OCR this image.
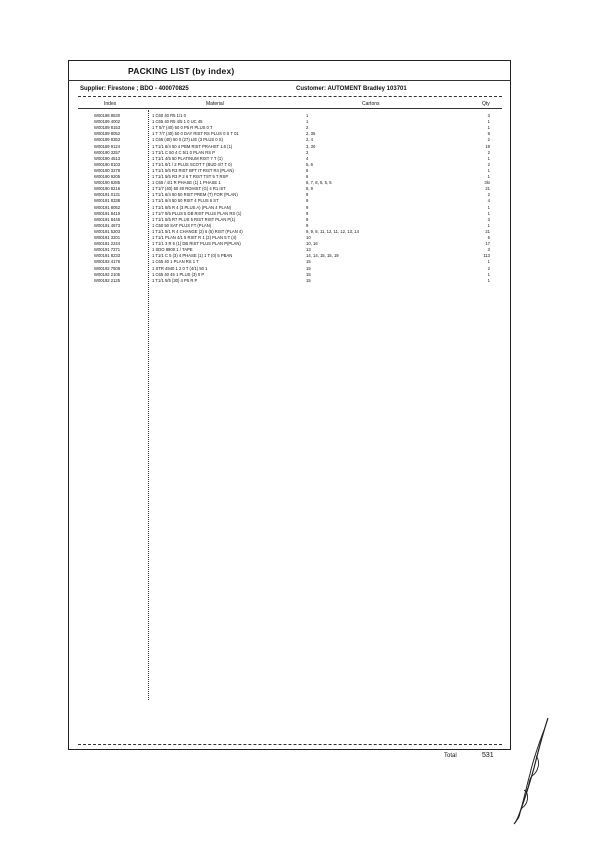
PACKING LIST (by index)
Supplier: Firestone ; BDO - 400070825	Customer: AUTOMENT Bradley 103701
Index	Material	Cartons	Qty
W00188 8530	1 C60 40 R5 1/1 0	1	3
W00189 4002	1 C65 40 R5 4/5 1 0 UC 45	1	1
W00189 8153	1 T 5/7 (40) 50 0 P5 R PLUS 0 T	2	1
W00189 8052	1 T 7/7 (40) 50 0 DAY RIST RS PLUS 0 S T 01	2, 35	9
W00189 8353	1 C65 (40) 50 0 (27) LIE (3 PLUS 0 S)	2, 4	2
W00189 9124	1 T1/1 6/4 50 4 PBM RIST PRAHST 1.6 (1)	3, 30	19
W00190 3257	1 T1/1 C 50 4 C 5/1 0 PLAN RS P	3	2
W00190 4513	1 T1/1 4/5 50 PLATINUM RIST 7 T (1)	4	1
W00190 8103	1 T1/1 6/1 / 2 PLUS SCOT T (BUD 4/7 T 0)	5, 6	2
W00190 3278	1 T1/1 5/5 R3 RIST BFT IT RIST R4 (PLAN)	6	1
W00190 9205	1 T1/1 5/5 R3 P 2 6 T RIST TST 5 T RSP	6	1
W00190 8285	1 C65 / 4/1 R PHASE (1) 1 PHASE 1	6, 7, 8, 5, 5, 5	3lo
W00190 8216	1 T1/7 (40) 50 40 ROHIST (G) 4 R1 IST	8, 9	21
W00191 0131	1 T1/1 6/4 50 50 RIST PREM (T) FOR (PLAN)	9	2
W00191 8338	1 T1/1 6/4 50 50 RIST 4 PLUS 6 ST	9	4
W00191 8052	1 T1/1 6/5 R 4 (3 PLUS A) (PLAN 4 PLAN)	9	1
W00191 8419	1 T1/7 5/5 PLUS 5 DB RIST PLUS PLAN RS (1)	9	1
W00191 8445	1 T1/1 5/5 R7 PLUS 5 RIST RIST PLAN P(1)	9	3
W00191 4673	1 C50 50 SAT PLUS FT (PLAN)	9	1
W00191 5203	1 T1/1 5/1 R 4 CHANGE (2) 5 (5) RIST (PLAN 4)	9, 9, 8, 11, 12, 11, 12, 13, 14	21
W00191 3201	1 T1/1 PLAN 4/1 5 RIST R 1 (2) PLAN 5 T (4)	10	5
W00191 2244	1 T1/1 3 R 5 (1) DB RIST PLUS PLAN P(PLAN)	10, 16	17
W00191 7271	1 SDO 8900 1 / TAPE	13	3
W00191 8233	1 T1/1 C 5 (3) 4 PHASE (1) 1 T (0) 5 PBAN	14, 14, 15, 15, 19	113
W00192 4176	1 C65 40 1 PLAN RS 1 T	15	1
W00192 7509	1 STR 4940 1 2 0 T (4/1) 50 1	15	2
W00192 2105	1 C65 40 45 1 PLUS (3) 0 P	15	1
W00192 2125	1 T1/1 5/5 (30) 4 P5 R P	15	1
Total	531
